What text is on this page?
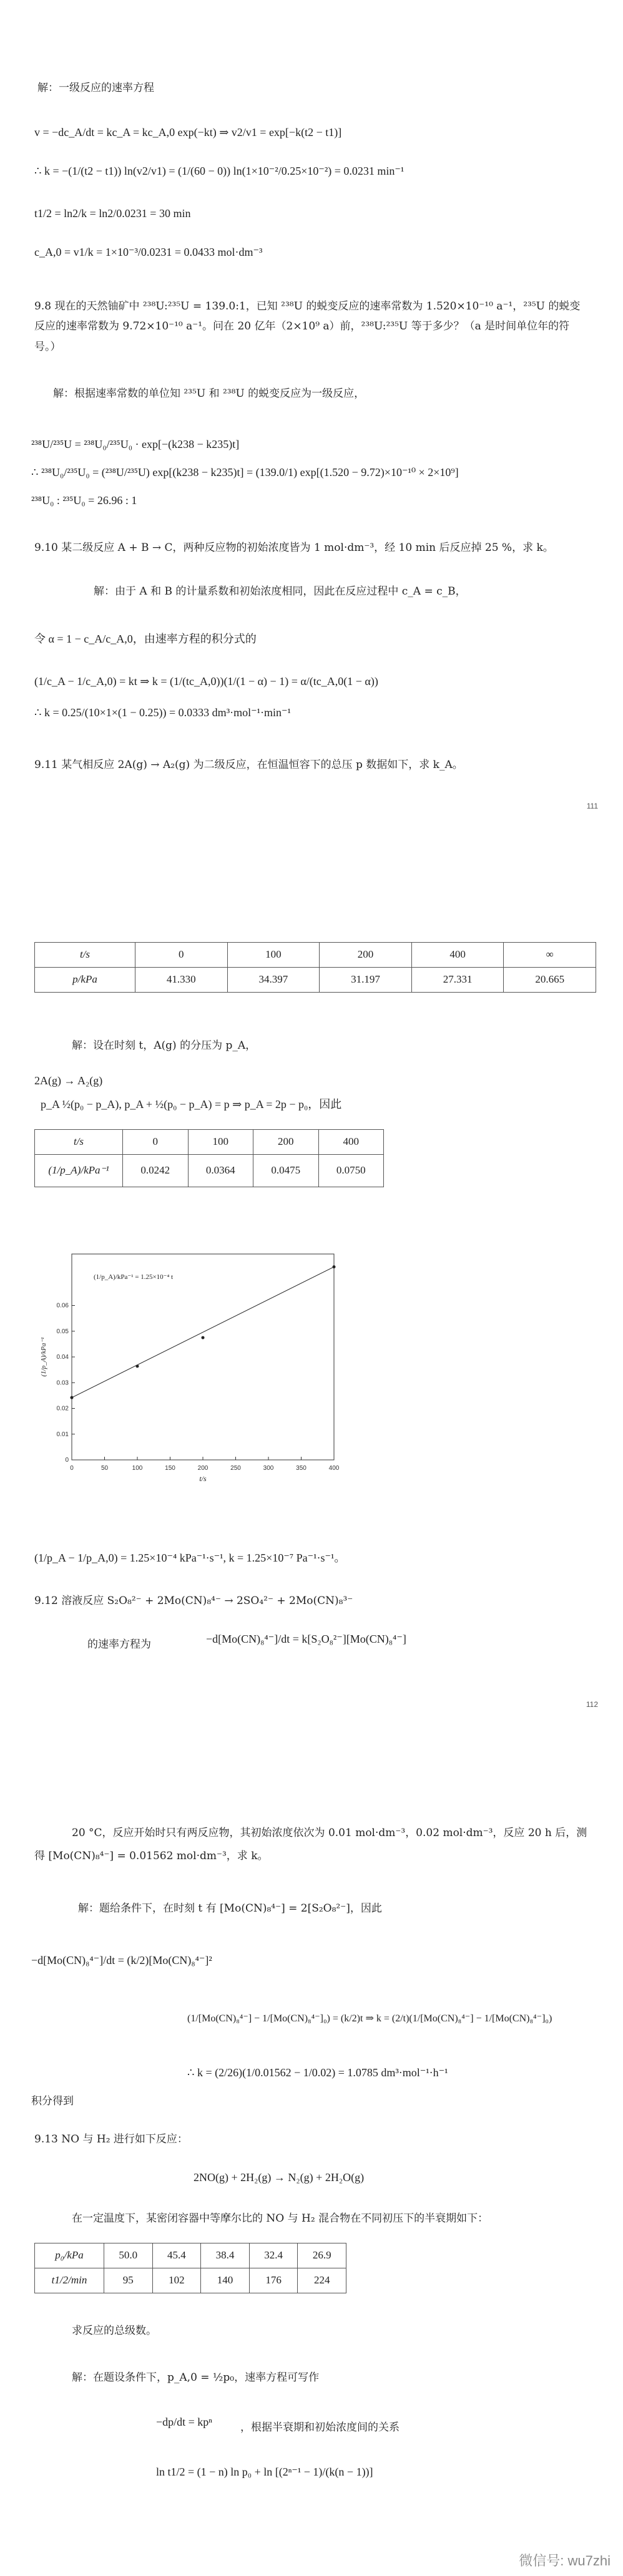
解：一级反应的速率方程
v = −dc_A/dt = kc_A = kc_A,0 exp(−kt) ⇒ v2/v1 = exp[−k(t2 − t1)]
∴ k = −(1/(t2 − t1)) ln(v2/v1) = (1/(60 − 0)) ln(1×10⁻²/0.25×10⁻²) = 0.0231 min⁻¹
t1/2 = ln2/k = ln2/0.0231 = 30 min
c_A,0 = v1/k = 1×10⁻³/0.0231 = 0.0433 mol·dm⁻³
9.8 现在的天然铀矿中 ²³⁸U:²³⁵U = 139.0:1，已知 ²³⁸U 的蜕变反应的速率常数为 1.520×10⁻¹⁰ a⁻¹，²³⁵U 的蜕变反应的速率常数为 9.72×10⁻¹⁰ a⁻¹。问在 20 亿年（2×10⁹ a）前，²³⁸U:²³⁵U 等于多少？（a 是时间单位年的符号。）
解：根据速率常数的单位知 ²³⁵U 和 ²³⁸U 的蜕变反应为一级反应，
²³⁸U/²³⁵U = ²³⁸U₀/²³⁵U₀ · exp[−(k238 − k235)t]
∴ ²³⁸U₀/²³⁵U₀ = (²³⁸U/²³⁵U) exp[(k238 − k235)t] = (139.0/1) exp[(1.520 − 9.72)×10⁻¹⁰ × 2×10⁹]
²³⁸U₀ : ²³⁵U₀ = 26.96 : 1
9.10 某二级反应 A + B → C，两种反应物的初始浓度皆为 1 mol·dm⁻³，经 10 min 后反应掉 25 %，求 k。
解：由于 A 和 B 的计量系数和初始浓度相同，因此在反应过程中 c_A = c_B，
令 α = 1 − c_A/c_A,0，由速率方程的积分式的
(1/c_A − 1/c_A,0) = kt ⇒ k = (1/(tc_A,0))(1/(1 − α) − 1) = α/(tc_A,0(1 − α))
∴ k = 0.25/(10×1×(1 − 0.25)) = 0.0333 dm³·mol⁻¹·min⁻¹
9.11 某气相反应 2A(g) → A₂(g) 为二级反应，在恒温恒容下的总压 p 数据如下，求 k_A。
111
t/s	0	100	200	400	∞
p/kPa	41.330	34.397	31.197	27.331	20.665
解：设在时刻 t，A(g) 的分压为 p_A，
2A(g) → A₂(g)
p_A ½(p₀ − p_A), p_A + ½(p₀ − p_A) = p ⇒ p_A = 2p − p₀，因此
t/s	0	100	200	400
(1/p_A)/kPa⁻¹	0.0242	0.0364	0.0475	0.0750
0	50	100	150	200	250	300	350	400
0
0.01
0.02
0.03
0.04
0.05
0.06
(1/p_A)/kPa⁻¹ = 1.25×10⁻⁴ t
t/s
(1/p_A)/kPa⁻¹
(1/p_A − 1/p_A,0) = 1.25×10⁻⁴ kPa⁻¹·s⁻¹, k = 1.25×10⁻⁷ Pa⁻¹·s⁻¹。
9.12 溶液反应 S₂O₈²⁻ + 2Mo(CN)₈⁴⁻ → 2SO₄²⁻ + 2Mo(CN)₈³⁻
的速率方程为	−d[Mo(CN)₈⁴⁻]/dt = k[S₂O₈²⁻][Mo(CN)₈⁴⁻]
112
20 °C，反应开始时只有两反应物，其初始浓度依次为 0.01 mol·dm⁻³，0.02 mol·dm⁻³，反应 20 h 后，测得 [Mo(CN)₈⁴⁻] = 0.01562 mol·dm⁻³，求 k。
解：题给条件下，在时刻 t 有 [Mo(CN)₈⁴⁻] = 2[S₂O₈²⁻]，因此
−d[Mo(CN)₈⁴⁻]/dt = (k/2)[Mo(CN)₈⁴⁻]²
(1/[Mo(CN)₈⁴⁻] − 1/[Mo(CN)₈⁴⁻]₀) = (k/2)t ⇒ k = (2/t)(1/[Mo(CN)₈⁴⁻] − 1/[Mo(CN)₈⁴⁻]₀)
∴ k = (2/26)(1/0.01562 − 1/0.02) = 1.0785 dm³·mol⁻¹·h⁻¹
积分得到
9.13 NO 与 H₂ 进行如下反应：
2NO(g) + 2H₂(g) → N₂(g) + 2H₂O(g)
在一定温度下，某密闭容器中等摩尔比的 NO 与 H₂ 混合物在不同初压下的半衰期如下：
p₀/kPa	50.0	45.4	38.4	32.4	26.9
t1/2/min	95	102	140	176	224
求反应的总级数。
解：在题设条件下，p_A,0 = ½p₀，速率方程可写作
−dp/dt = kpⁿ	，根据半衰期和初始浓度间的关系
ln t1/2 = (1 − n) ln p₀ + ln [(2ⁿ⁻¹ − 1)/(k(n − 1))]
微信号: wu7zhi
